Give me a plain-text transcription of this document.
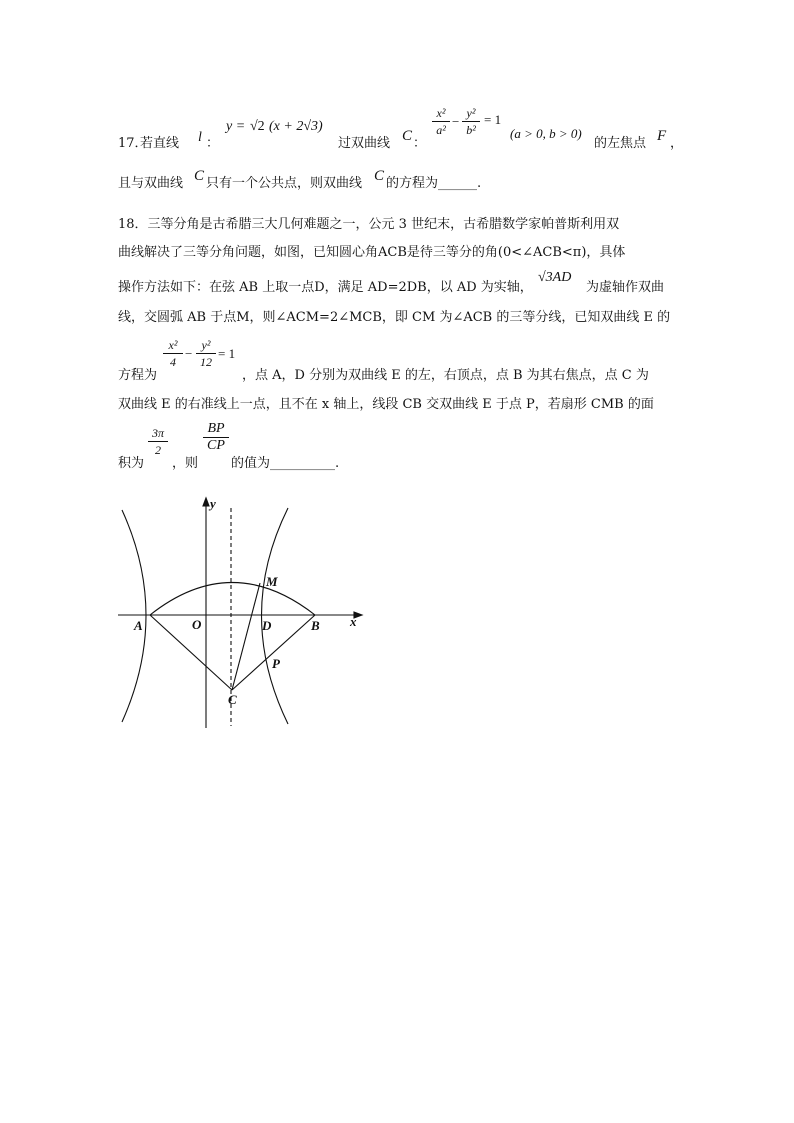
17．
若直线 l ：
y = √2 (x + 2√3)
过双曲线 C ：
x²
a²
−
y²
b²
= 1
(a > 0, b > 0)
的左焦点 F ，
且与双曲线 C 只有一个公共点，则双曲线 C 的方程为______.
18．三等分角是古希腊三大几何难题之一，公元 3 世纪末，古希腊数学家帕普斯利用双
曲线解决了三等分角问题，如图，已知圆心角ACB是待三等分的角(0<∠ACB<π)，具体
操作方法如下：在弦 AB 上取一点D，满足 AD=2DB，以 AD 为实轴，
√3AD
为虚轴作双曲
线，交圆弧 AB 于点M，则∠ACM=2∠MCB，即 CM 为∠ACB 的三等分线，已知双曲线 E 的
方程为
x²
4
−
y²
12
= 1
，点 A，D 分别为双曲线 E 的左，右顶点，点 B 为其右焦点，点 C 为
双曲线 E 的右准线上一点，且不在 x 轴上，线段 CB 交双曲线 E 于点 P，若扇形 CMB 的面
积为
3π
2
，则
BP
CP
的值为__________.
y
x
A	O	D	B
M
P
C
